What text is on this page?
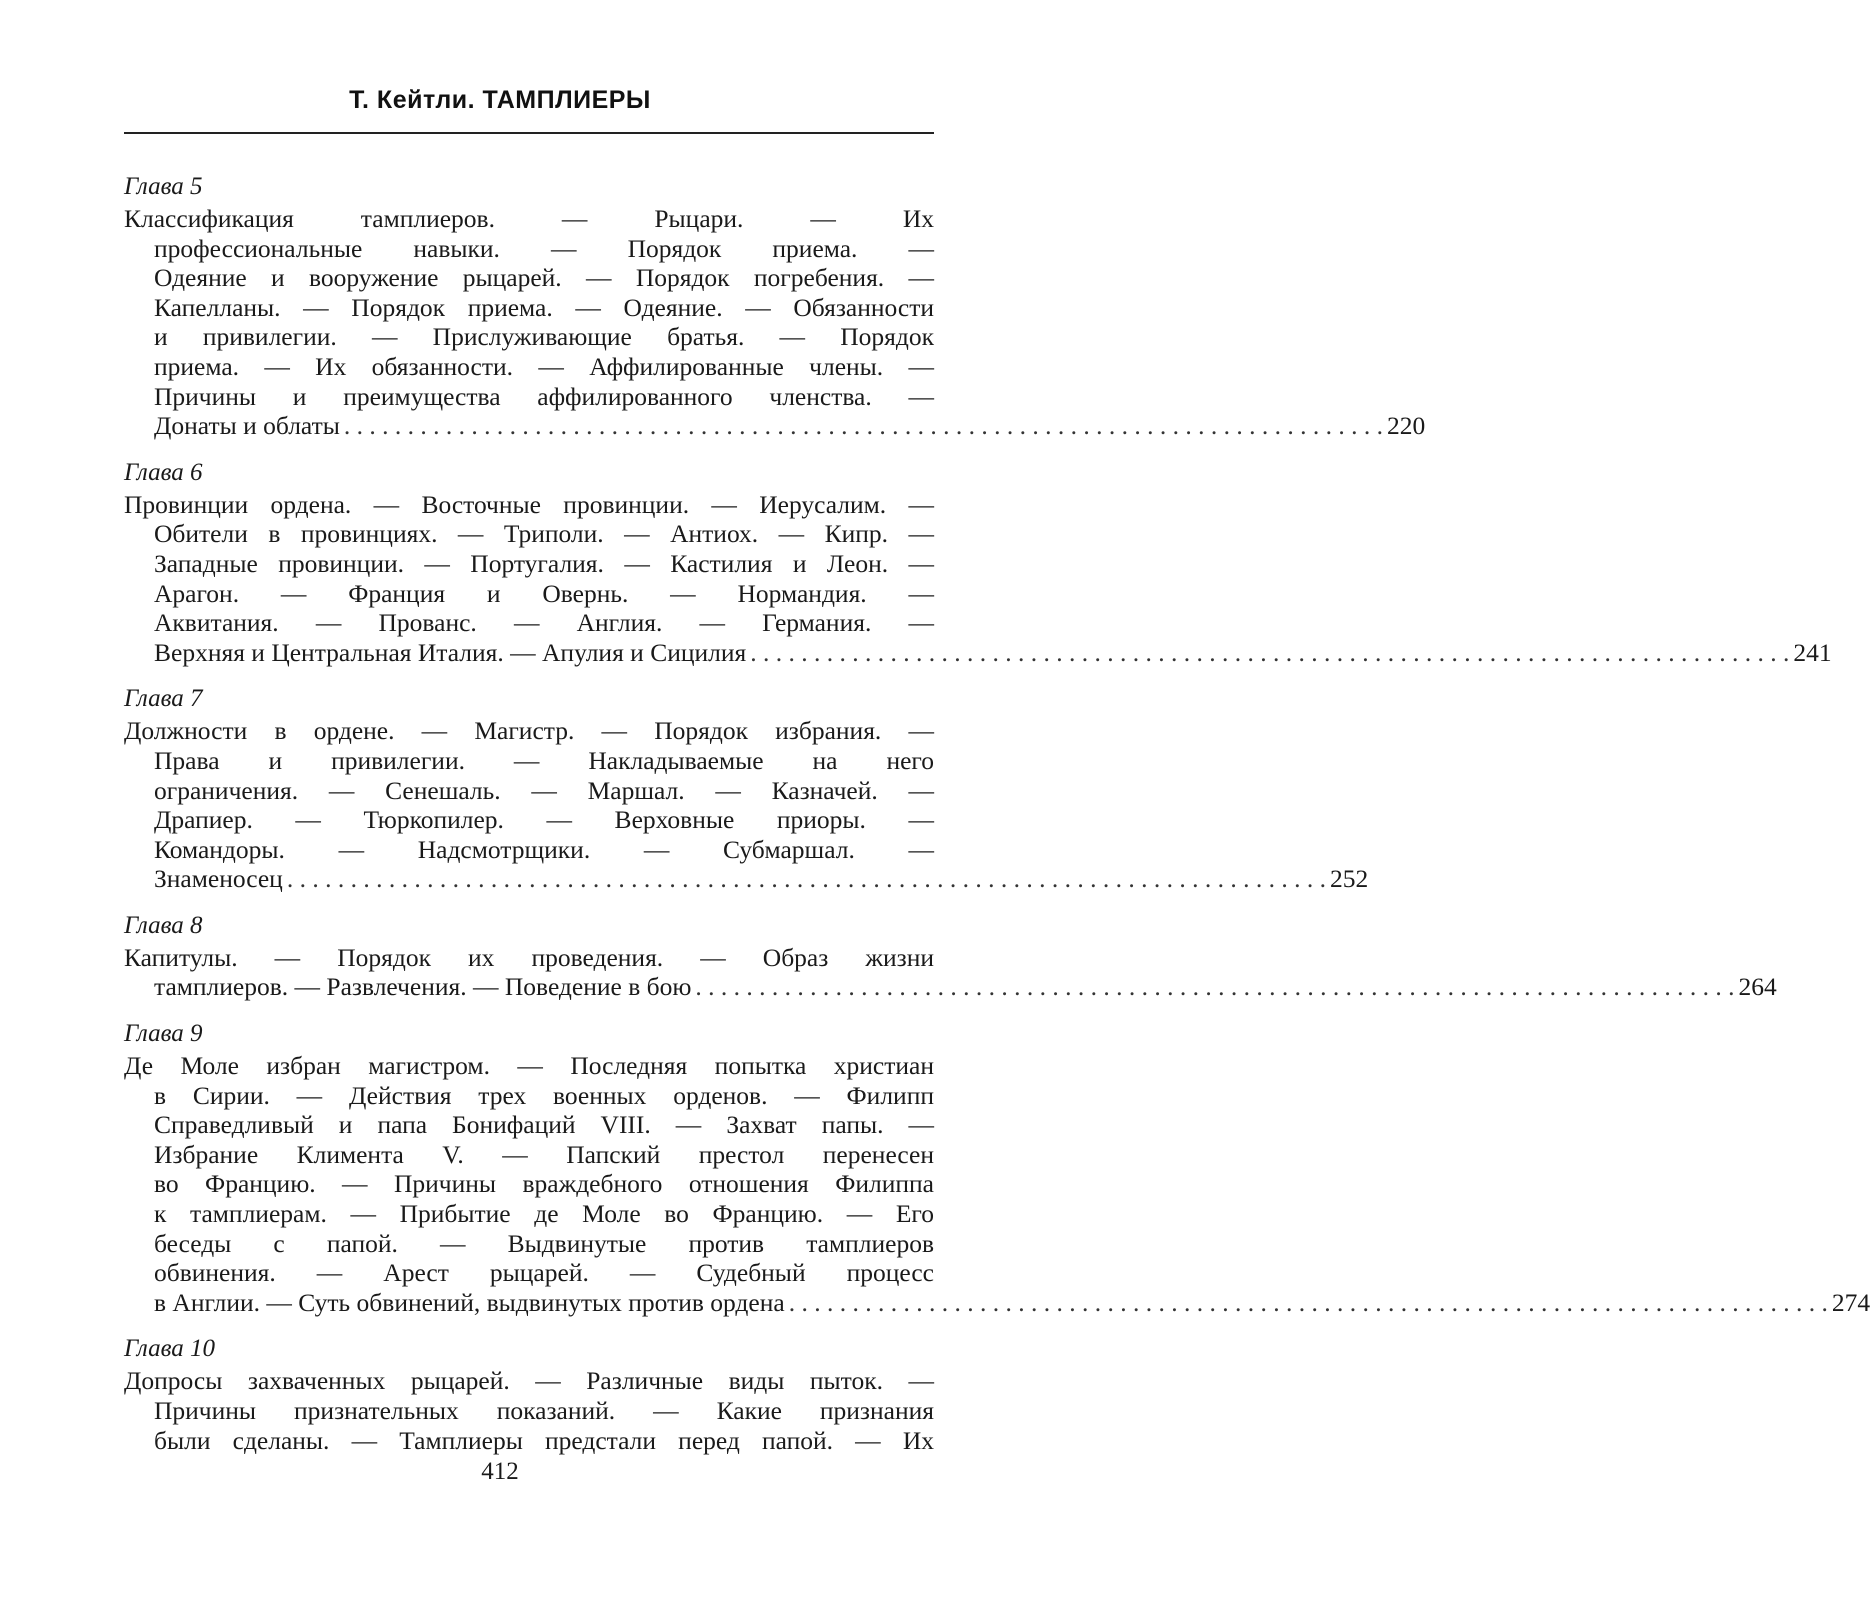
Т. Кейтли. ТАМПЛИЕРЫ
Глава 5
Классификация тамплиеров. — Рыцари. — Их
профессиональные навыки. — Порядок приема. —
Одеяние и вооружение рыцарей. — Порядок погребения. —
Капелланы. — Порядок приема. — Одеяние. — Обязанности
и привилегии. — Прислуживающие братья. — Порядок
приема. — Их обязанности. — Аффилированные члены. —
Причины и преимущества аффилированного членства. —
Донаты и облаты . . .	220
Глава 6
Провинции ордена. — Восточные провинции. — Иерусалим. —
Обители в провинциях. — Триполи. — Антиох. — Кипр. —
Западные провинции. — Португалия. — Кастилия и Леон. —
Арагон. — Франция и Овернь. — Нормандия. —
Аквитания. — Прованс. — Англия. — Германия. —
Верхняя и Центральная Италия. — Апулия и Сицилия . . .	241
Глава 7
Должности в ордене. — Магистр. — Порядок избрания. —
Права и привилегии. — Накладываемые на него
ограничения. — Сенешаль. — Маршал. — Казначей. —
Драпиер. — Тюркопилер. — Верховные приоры. —
Командоры. — Надсмотрщики. — Субмаршал. —
Знаменосец . . .	252
Глава 8
Капитулы. — Порядок их проведения. — Образ жизни
тамплиеров. — Развлечения. — Поведение в бою . . .	264
Глава 9
Де Моле избран магистром. — Последняя попытка христиан
в Сирии. — Действия трех военных орденов. — Филипп
Справедливый и папа Бонифаций VIII. — Захват папы. —
Избрание Климента V. — Папский престол перенесен
во Францию. — Причины враждебного отношения Филиппа
к тамплиерам. — Прибытие де Моле во Францию. — Его
беседы с папой. — Выдвинутые против тамплиеров
обвинения. — Арест рыцарей. — Судебный процесс
в Англии. — Суть обвинений, выдвинутых против ордена . . .	274
Глава 10
Допросы захваченных рыцарей. — Различные виды пыток. —
Причины признательных показаний. — Какие признания
были сделаны. — Тамплиеры предстали перед папой. — Их
412
